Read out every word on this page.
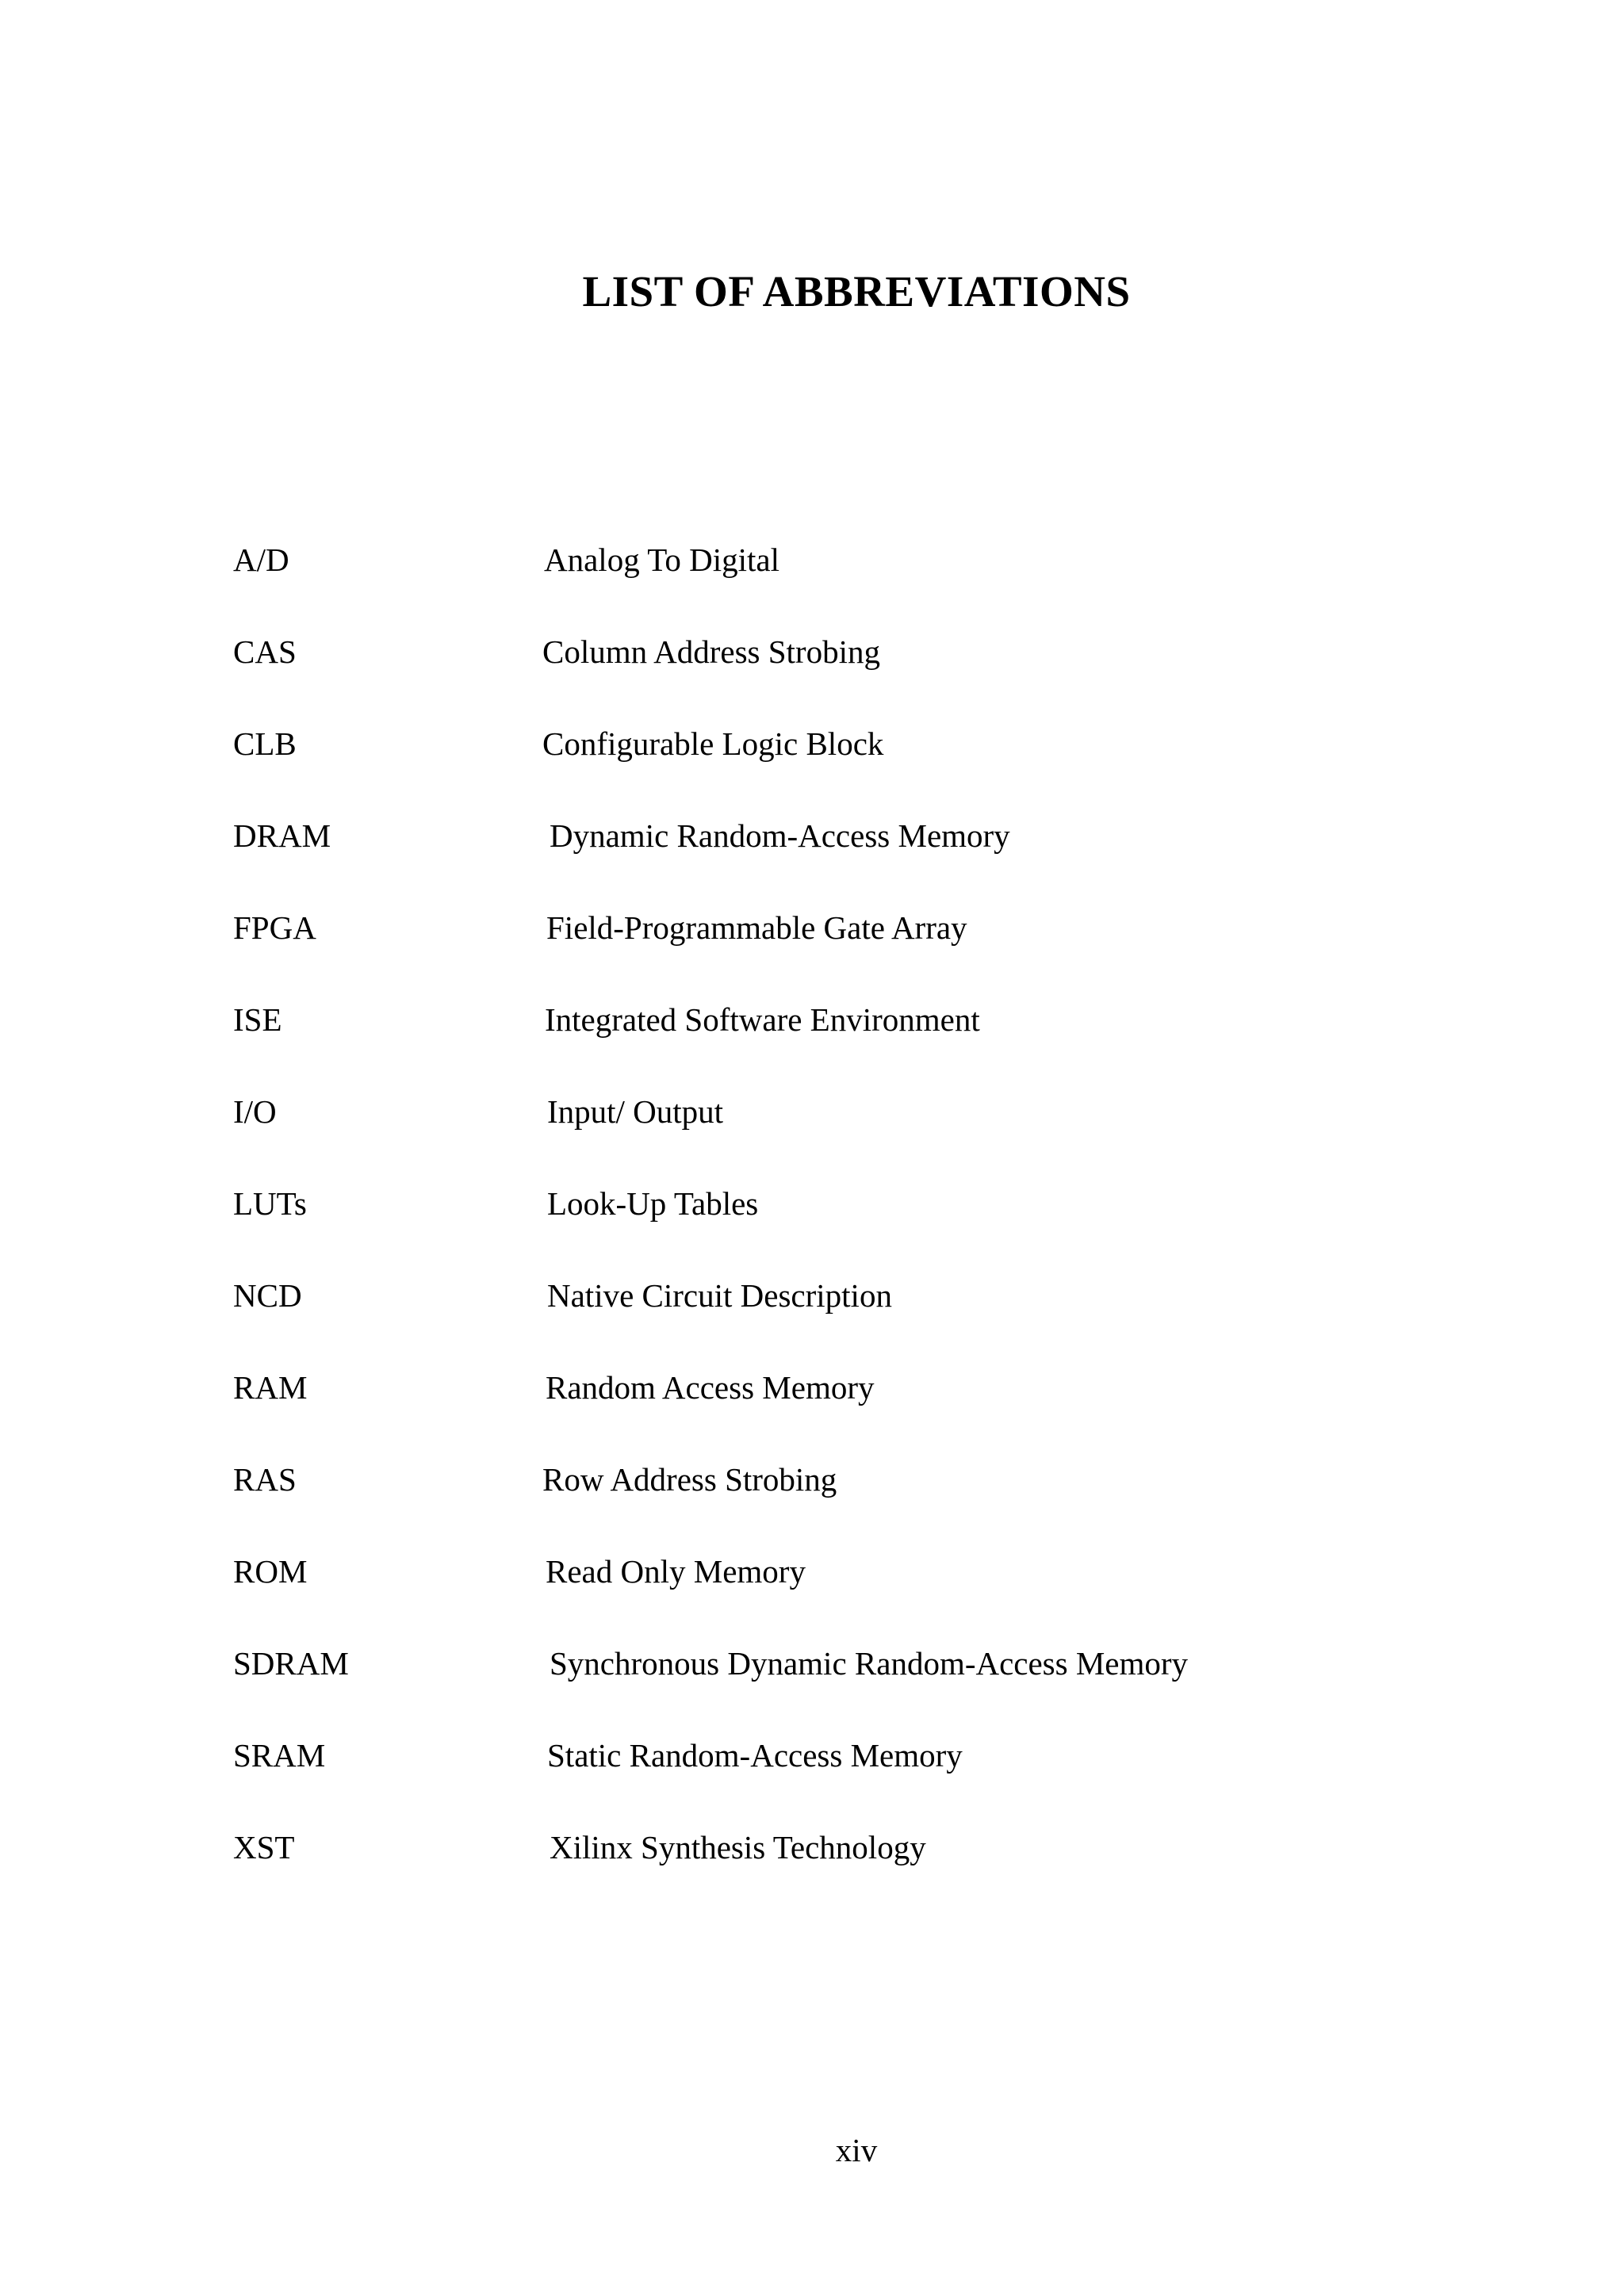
LIST OF ABBREVIATIONS
A/D	Analog To Digital
CAS	Column Address Strobing
CLB	Configurable Logic Block
DRAM	Dynamic Random-Access Memory
FPGA	Field-Programmable Gate Array
ISE	Integrated Software Environment
I/O	Input/ Output
LUTs	Look-Up Tables
NCD	Native Circuit Description
RAM	Random Access Memory
RAS	Row Address Strobing
ROM	Read Only Memory
SDRAM	Synchronous Dynamic Random-Access Memory
SRAM	Static Random-Access Memory
XST	Xilinx Synthesis Technology
xiv
